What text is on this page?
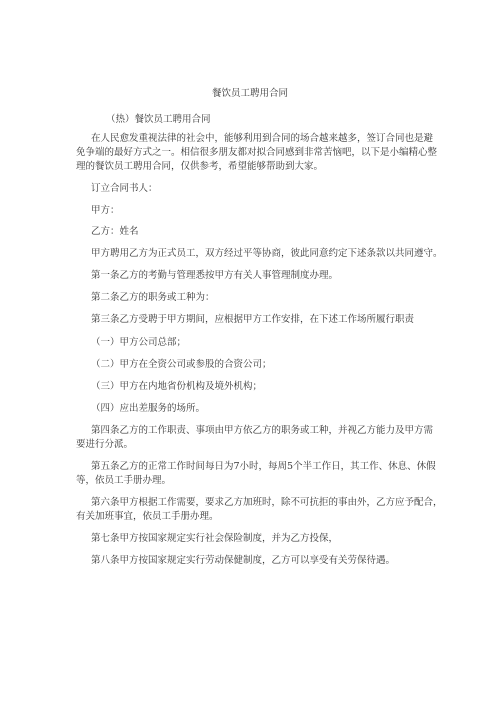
餐饮员工聘用合同
（热）餐饮员工聘用合同
在人民愈发重视法律的社会中，能够利用到合同的场合越来越多，签订合同也是避
免争端的最好方式之一。相信很多朋友都对拟合同感到非常苦恼吧，以下是小编精心整
理的餐饮员工聘用合同，仅供参考，希望能够帮助到大家。
订立合同书人：
甲方：
乙方：姓名
甲方聘用乙方为正式员工，双方经过平等协商，彼此同意约定下述条款以共同遵守。
第一条乙方的考勤与管理悉按甲方有关人事管理制度办理。
第二条乙方的职务或工种为：
第三条乙方受聘于甲方期间，应根据甲方工作安排，在下述工作场所履行职责
（一）甲方公司总部；
（二）甲方在全资公司或参股的合资公司；
（三）甲方在内地省份机构及境外机构；
（四）应出差服务的场所。
第四条乙方的工作职责、事项由甲方依乙方的职务或工种，并视乙方能力及甲方需
要进行分派。
第五条乙方的正常工作时间每日为7小时，每周5个半工作日，其工作、休息、休假
等，依员工手册办理。
第六条甲方根据工作需要，要求乙方加班时，除不可抗拒的事由外，乙方应予配合，
有关加班事宜，依员工手册办理。
第七条甲方按国家规定实行社会保险制度，并为乙方投保，
第八条甲方按国家规定实行劳动保健制度，乙方可以享受有关劳保待遇。
